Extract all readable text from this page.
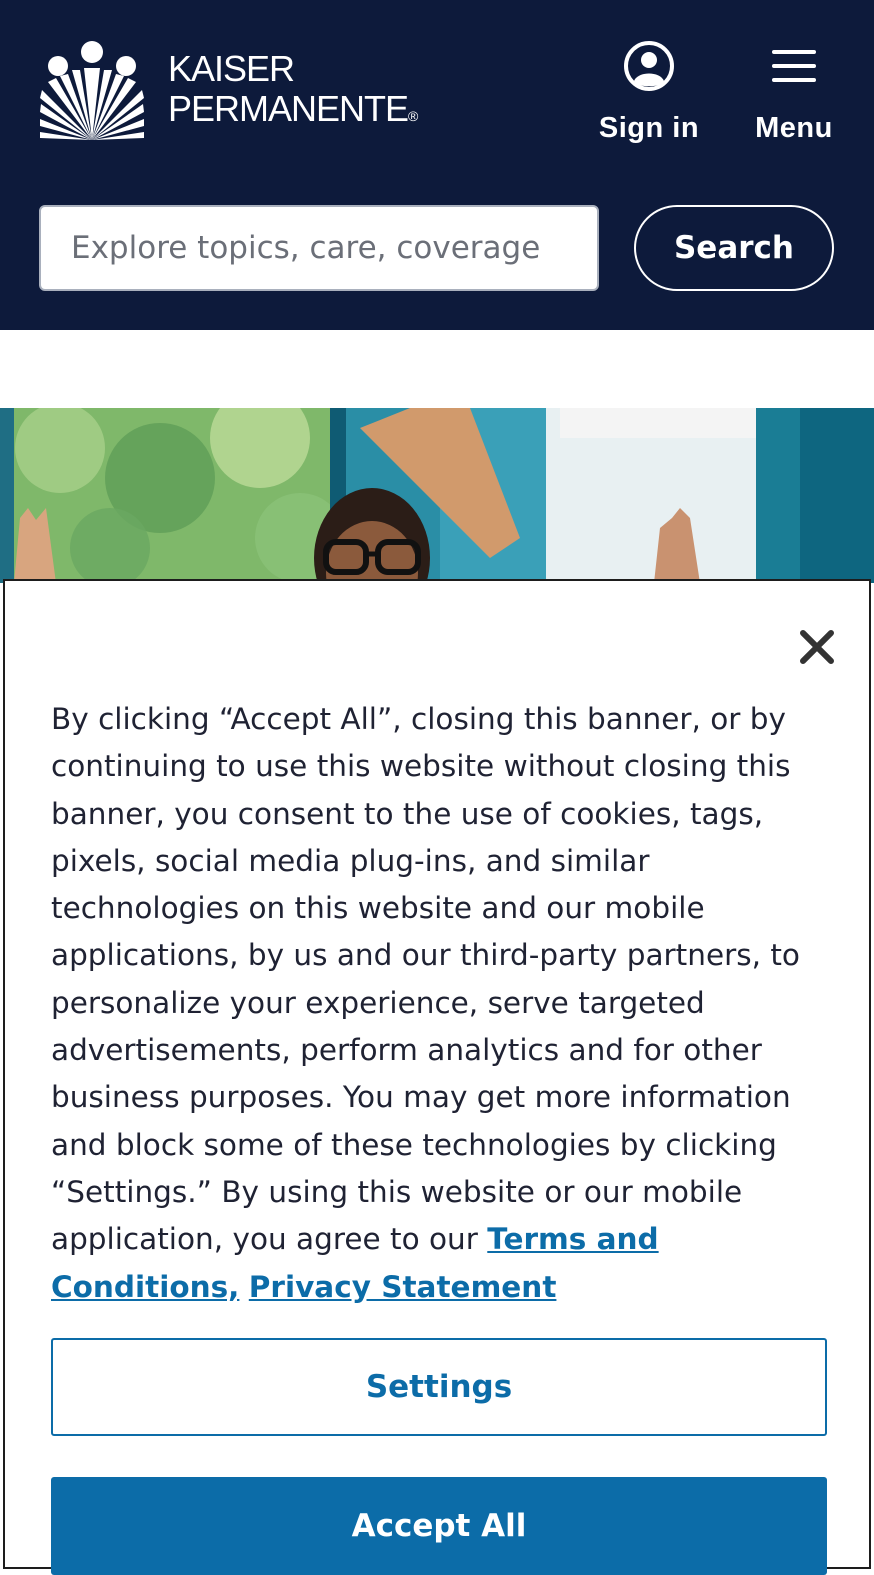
KAISER
PERMANENTE®	Sign in	Menu
Explore topics, care, coverage
Search

By clicking “Accept All”, closing this banner, or by continuing to use this website without closing this banner, you consent to the use of cookies, tags, pixels, social media plug-ins, and similar technologies on this website and our mobile applications, by us and our third-party partners, to personalize your experience, serve targeted advertisements, perform analytics and for other business purposes. You may get more information and block some of these technologies by clicking “Settings.” By using this website or our mobile application, you agree to our Terms and Conditions, Privacy Statement

Settings
Accept All
